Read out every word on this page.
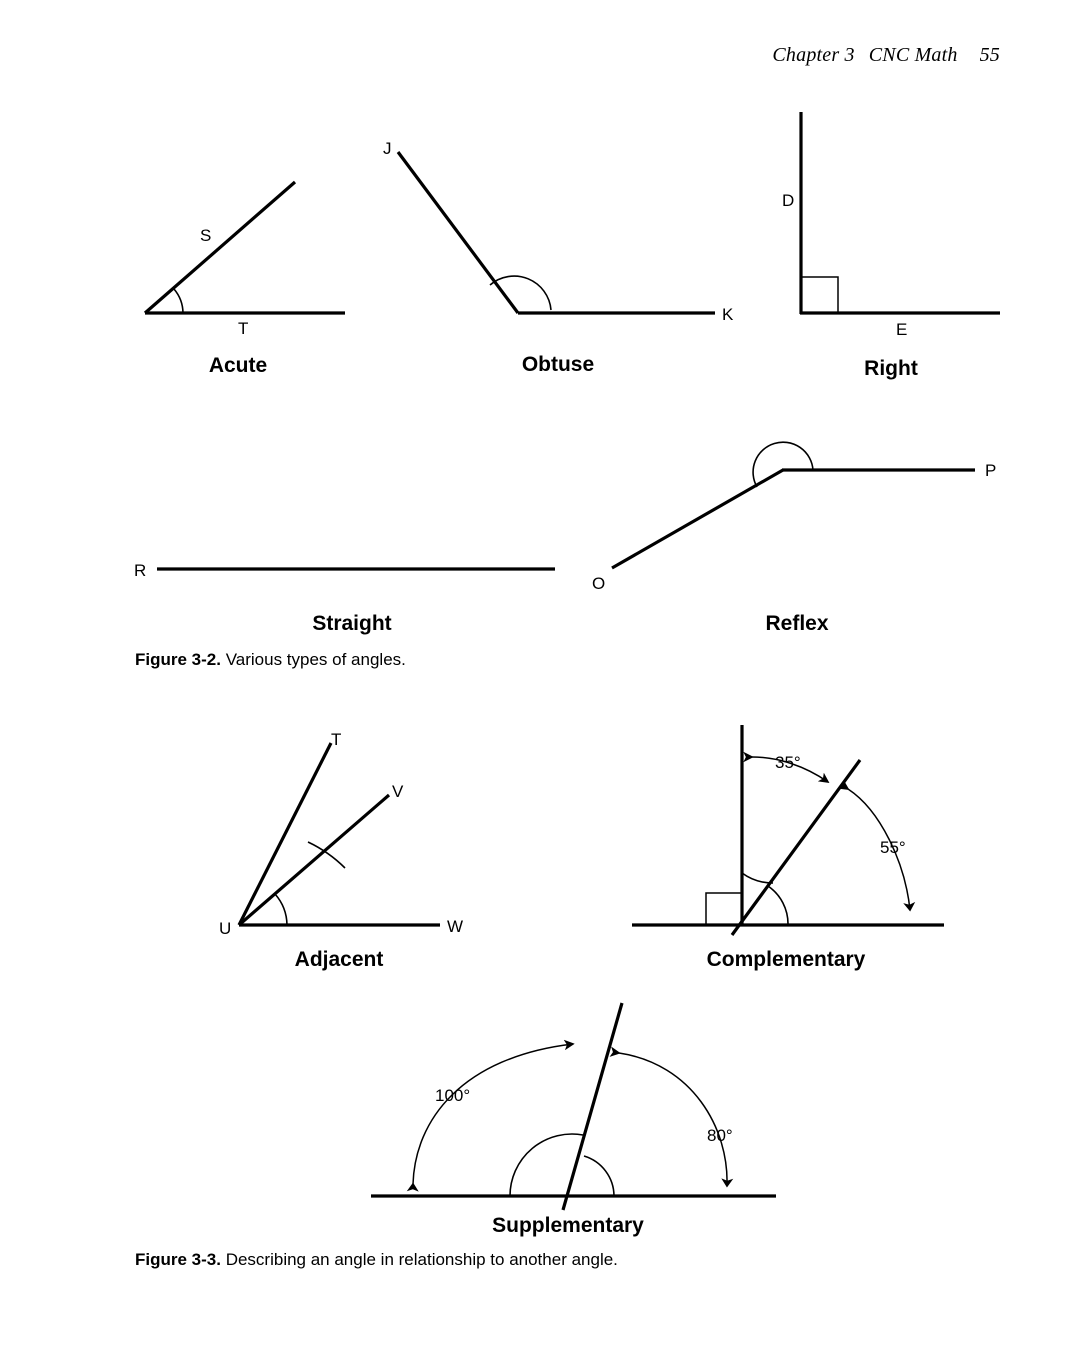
Chapter 3 CNC Math 55
S
T
Acute
J
K
Obtuse
D
E
Right
R
Straight
O
P
Reflex
Figure 3-2. Various types of angles.
T
V
U	W
Adjacent
35°
55°
Complementary
100°
80°
Supplementary
Figure 3-3. Describing an angle in relationship to another angle.
